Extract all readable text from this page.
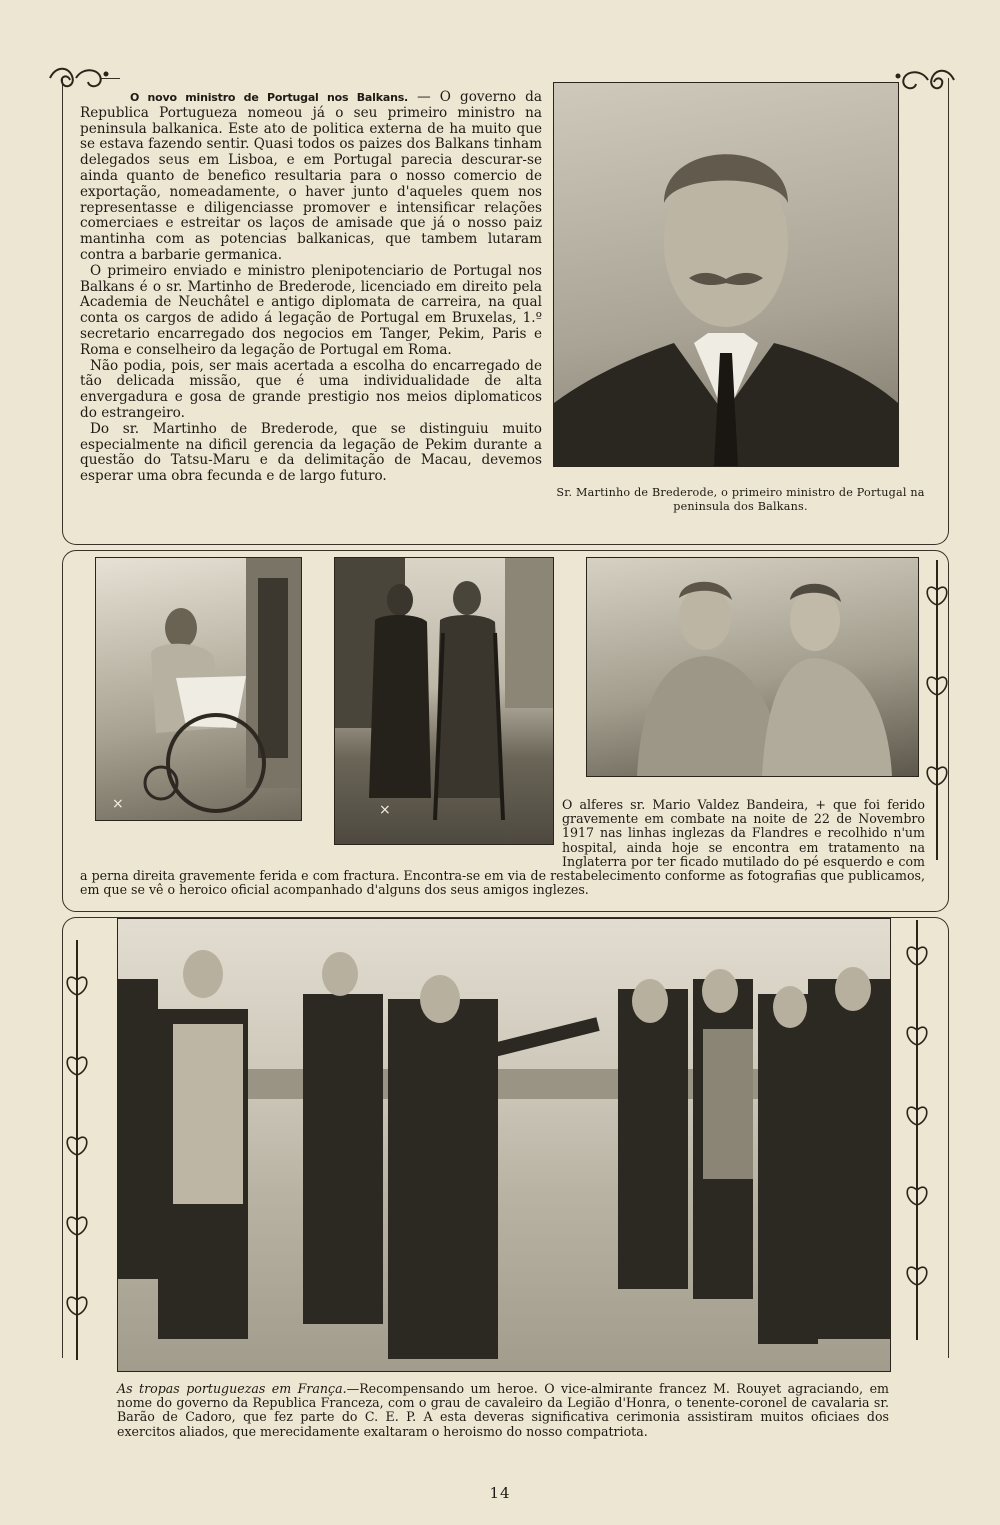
O novo ministro de Portugal nos Balkans. — O governo da Republica Portugueza nomeou já o seu primeiro ministro na peninsula balkanica. Este ato de politica externa de ha muito que se estava fazendo sentir. Quasi todos os paizes dos Balkans tinham delegados seus em Lisboa, e em Portugal parecia descurar-se ainda quanto de benefico resultaria para o nosso comercio de exportação, nomeadamente, o haver junto d'aqueles quem nos representasse e diligenciasse promover e intensificar relações comerciaes e estreitar os laços de amisade que já o nosso paiz mantinha com as potencias balkanicas, que tambem lutaram contra a barbarie germanica.

O primeiro enviado e ministro plenipotenciario de Portugal nos Balkans é o sr. Martinho de Brederode, licenciado em direito pela Academia de Neuchâtel e antigo diplomata de carreira, na qual conta os cargos de adido á legação de Portugal em Bruxelas, 1.º secretario encarregado dos negocios em Tanger, Pekim, Paris e Roma e conselheiro da legação de Portugal em Roma.

Não podia, pois, ser mais acertada a escolha do encarregado de tão delicada missão, que é uma individualidade de alta envergadura e gosa de grande prestigio nos meios diplomaticos do estrangeiro.

Do sr. Martinho de Brederode, que se distinguiu muito especialmente na dificil gerencia da legação de Pekim durante a questão do Tatsu-Maru e da delimitação de Macau, devemos esperar uma obra fecunda e de largo futuro.

Sr. Martinho de Brederode, o primeiro ministro de Portugal na peninsula dos Balkans.
×	×	O alferes sr. Mario Valdez Bandeira, + que foi ferido gravemente em combate na noite de 22 de Novembro 1917 nas linhas inglezas da Flandres e recolhido n'um hospital, ainda hoje se encontra em tratamento na Inglaterra por ter ficado mutilado do pé esquerdo e com a perna direita gravemente ferida e com fractura. Encontra-se em via de restabelecimento conforme as fotografias que publicamos, em que se vê o heroico oficial acompanhado d'alguns dos seus amigos inglezes.
As tropas portuguezas em França.—Recompensando um heroe. O vice-almirante francez M. Rouyet agraciando, em nome do governo da Republica Franceza, com o grau de cavaleiro da Legião d'Honra, o tenente-coronel de cavalaria sr. Barão de Cadoro, que fez parte do C. E. P. A esta deveras significativa cerimonia assistiram muitos oficiaes dos exercitos aliados, que merecidamente exaltaram o heroismo do nosso compatriota.
14
